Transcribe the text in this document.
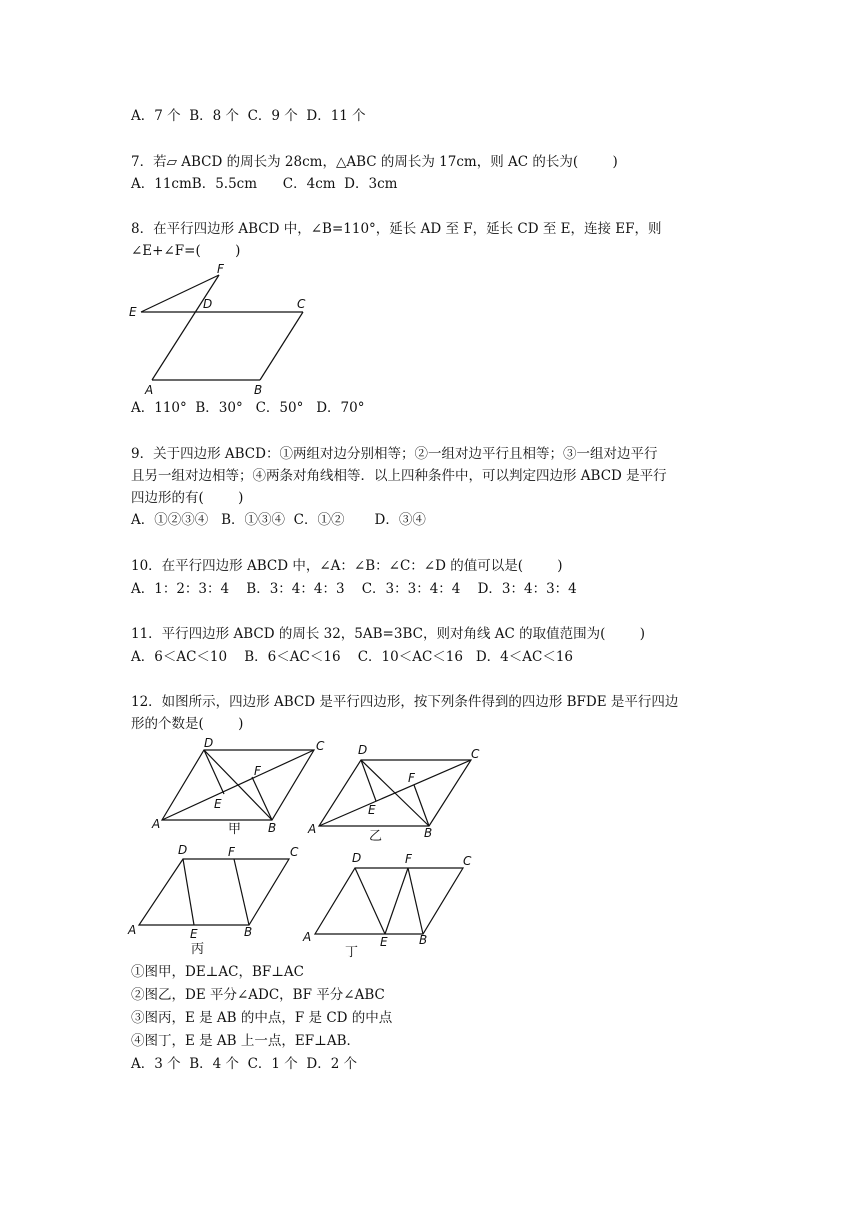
A．7 个  B．8 个  C．9 个  D．11 个
7．若▱ ABCD 的周长为 28cm，△ABC 的周长为 17cm，则 AC 的长为(        )
A．11cmB．5.5cm      C．4cm  D．3cm
8．在平行四边形 ABCD 中，∠B=110°，延长 AD 至 F，延长 CD 至 E，连接 EF，则
∠E+∠F=(        )
F
E
D	C
A	B
A．110°  B．30°   C．50°   D．70°
9．关于四边形 ABCD：①两组对边分别相等；②一组对边平行且相等；③一组对边平行
且另一组对边相等；④两条对角线相等．以上四种条件中，可以判定四边形 ABCD 是平行
四边形的有(        )
A．①②③④   B．①③④  C．①②       D．③④
10．在平行四边形 ABCD 中，∠A：∠B：∠C：∠D 的值可以是(        )
A．1：2：3：4    B．3：4：4：3    C．3：3：4：4    D．3：4：3：4
11．平行四边形 ABCD 的周长 32，5AB=3BC，则对角线 AC 的取值范围为(        )
A．6＜AC＜10    B．6＜AC＜16    C．10＜AC＜16   D．4＜AC＜16
12．如图所示，四边形 ABCD 是平行四边形，按下列条件得到的四边形 BFDE 是平行四边
形的个数是(        )
D	C
F
E
A	B
甲
D	C
F
E
A	B
乙
D	F	C
A	E	B
丙
D	F	C
A	E	B
丁
①图甲，DE⊥AC，BF⊥AC
②图乙，DE 平分∠ADC，BF 平分∠ABC
③图丙，E 是 AB 的中点，F 是 CD 的中点
④图丁，E 是 AB 上一点，EF⊥AB．
A．3 个  B．4 个  C．1 个  D．2 个
